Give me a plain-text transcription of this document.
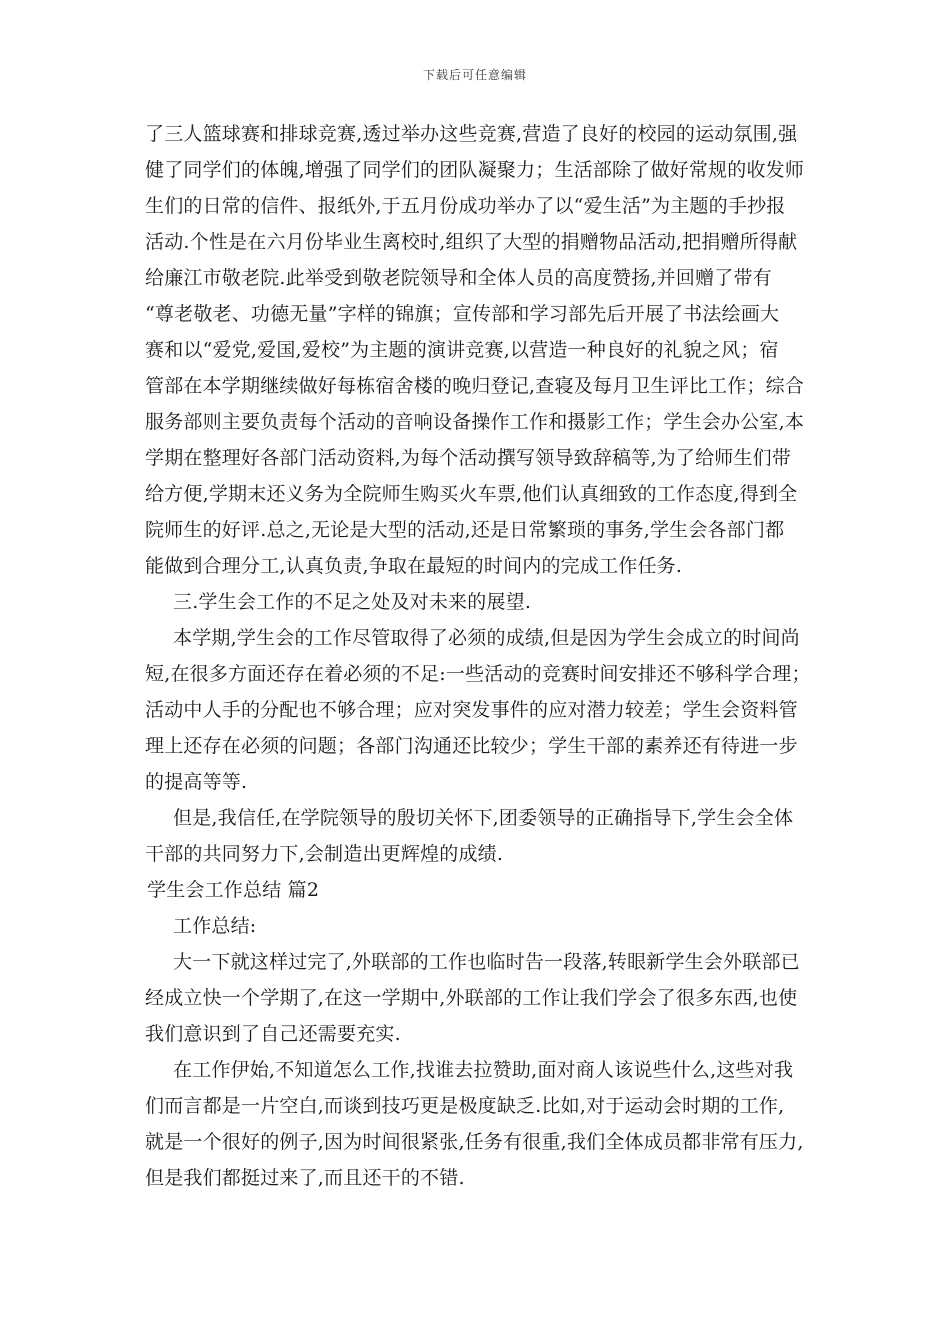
下载后可任意编辑
了三人篮球赛和排球竞赛,透过举办这些竞赛,营造了良好的校园的运动氛围,强
健了同学们的体魄,增强了同学们的团队凝聚力；生活部除了做好常规的收发师
生们的日常的信件、报纸外,于五月份成功举办了以“爱生活”为主题的手抄报
活动.个性是在六月份毕业生离校时,组织了大型的捐赠物品活动,把捐赠所得献
给廉江市敬老院.此举受到敬老院领导和全体人员的高度赞扬,并回赠了带有
“尊老敬老、功德无量”字样的锦旗；宣传部和学习部先后开展了书法绘画大
赛和以“爱党,爱国,爱校”为主题的演讲竞赛,以营造一种良好的礼貌之风；宿
管部在本学期继续做好每栋宿舍楼的晚归登记,查寝及每月卫生评比工作；综合
服务部则主要负责每个活动的音响设备操作工作和摄影工作；学生会办公室,本
学期在整理好各部门活动资料,为每个活动撰写领导致辞稿等,为了给师生们带
给方便,学期末还义务为全院师生购买火车票,他们认真细致的工作态度,得到全
院师生的好评.总之,无论是大型的活动,还是日常繁琐的事务,学生会各部门都
能做到合理分工,认真负责,争取在最短的时间内的完成工作任务.
三.学生会工作的不足之处及对未来的展望.
本学期,学生会的工作尽管取得了必须的成绩,但是因为学生会成立的时间尚
短,在很多方面还存在着必须的不足:一些活动的竞赛时间安排还不够科学合理；
活动中人手的分配也不够合理；应对突发事件的应对潜力较差；学生会资料管
理上还存在必须的问题；各部门沟通还比较少；学生干部的素养还有待进一步
的提高等等.
但是,我信任,在学院领导的殷切关怀下,团委领导的正确指导下,学生会全体
干部的共同努力下,会制造出更辉煌的成绩.
学生会工作总结 篇2
工作总结:
大一下就这样过完了,外联部的工作也临时告一段落,转眼新学生会外联部已
经成立快一个学期了,在这一学期中,外联部的工作让我们学会了很多东西,也使
我们意识到了自己还需要充实.
在工作伊始,不知道怎么工作,找谁去拉赞助,面对商人该说些什么,这些对我
们而言都是一片空白,而谈到技巧更是极度缺乏.比如,对于运动会时期的工作,
就是一个很好的例子,因为时间很紧张,任务有很重,我们全体成员都非常有压力,
但是我们都挺过来了,而且还干的不错.
